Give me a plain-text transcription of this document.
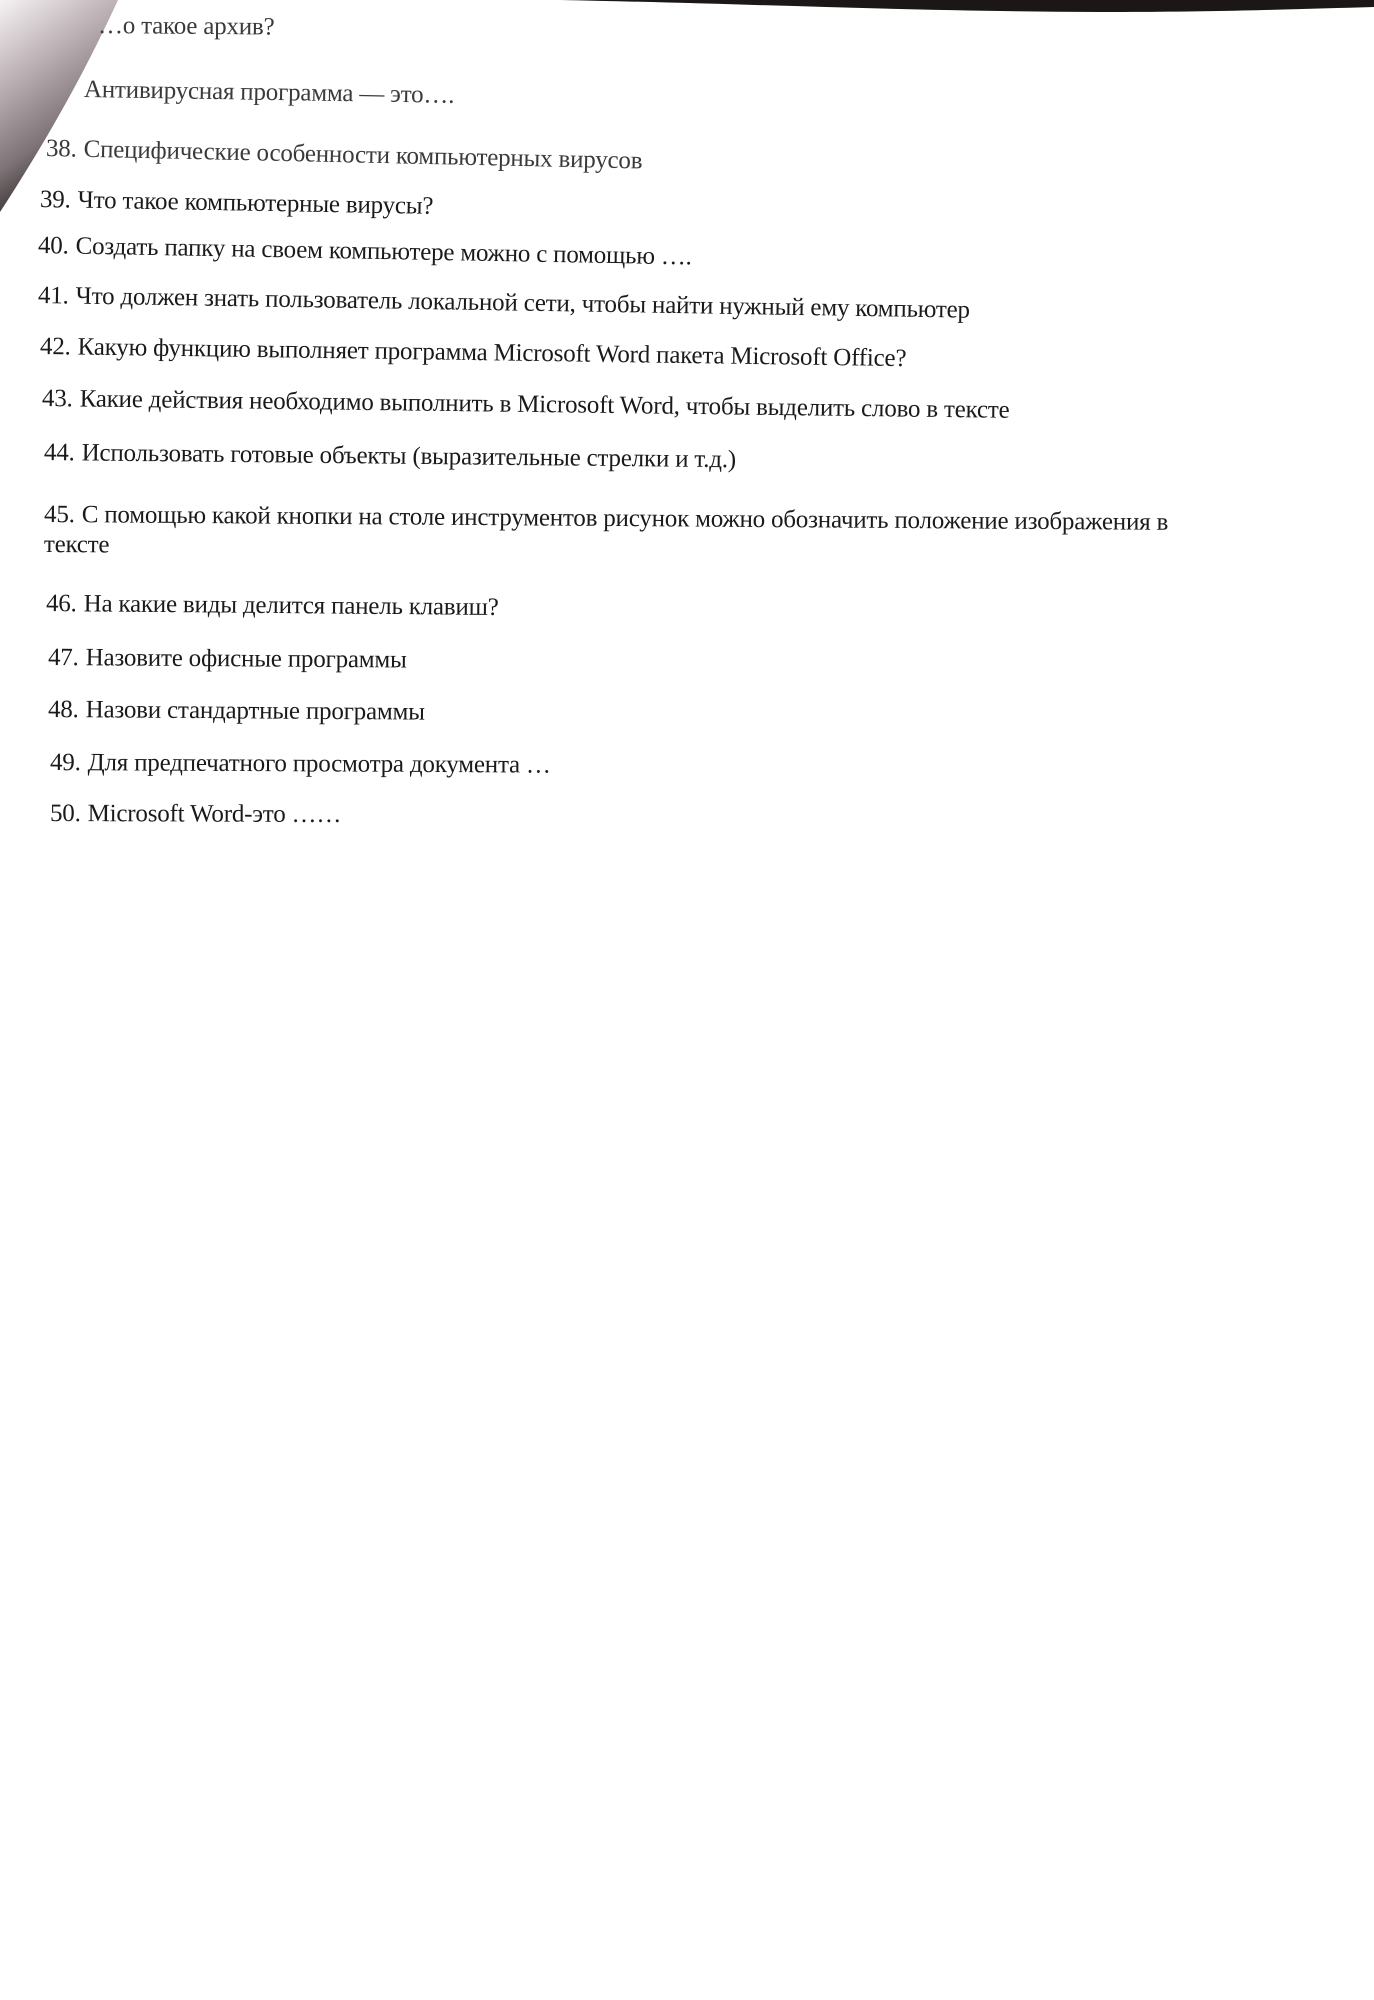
…о такое архив?
Антивирусная программа — это….
38. Специфические особенности компьютерных вирусов
39. Что такое компьютерные вирусы?
40. Создать папку на своем компьютере можно с помощью ….
41. Что должен знать пользователь локальной сети, чтобы найти нужный ему компьютер
42. Какую функцию выполняет программа Microsoft Word пакета Microsoft Office?
43. Какие действия необходимо выполнить в Microsoft Word, чтобы выделить слово в тексте
44. Использовать готовые объекты (выразительные стрелки и т.д.)
45. С помощью какой кнопки на столе инструментов рисунок можно обозначить положение изображения в тексте
46. На какие виды делится панель клавиш?
47. Назовите офисные программы
48. Назови стандартные программы
49. Для предпечатного просмотра документа …
50. Microsoft Word-это ……
